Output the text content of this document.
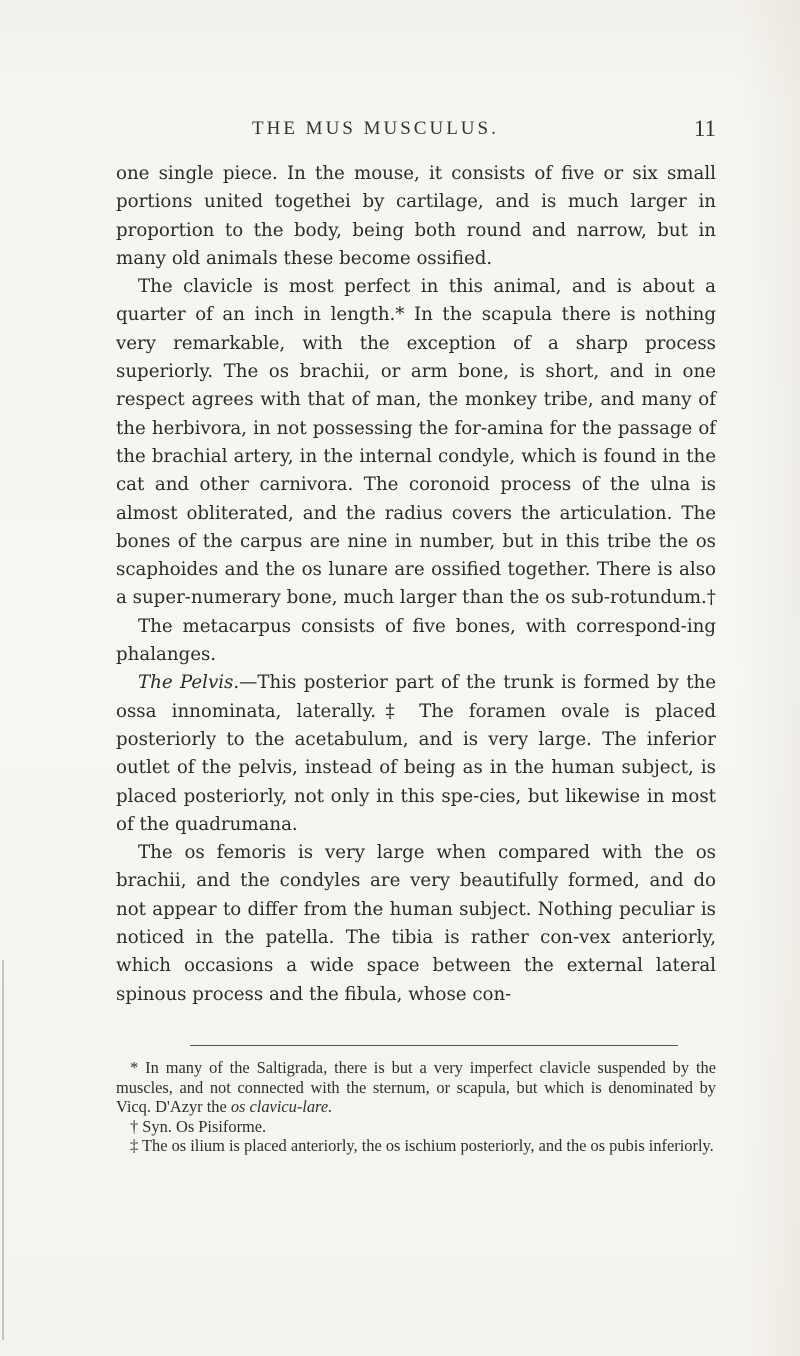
THE MUS MUSCULUS.	11

one single piece. In the mouse, it consists of five or six small portions united togethei by cartilage, and is much larger in proportion to the body, being both round and narrow, but in many old animals these become ossified.

The clavicle is most perfect in this animal, and is about a quarter of an inch in length.* In the scapula there is nothing very remarkable, with the exception of a sharp process superiorly. The os brachii, or arm bone, is short, and in one respect agrees with that of man, the monkey tribe, and many of the herbivora, in not possessing the for-amina for the passage of the brachial artery, in the internal condyle, which is found in the cat and other carnivora. The coronoid process of the ulna is almost obliterated, and the radius covers the articulation. The bones of the carpus are nine in number, but in this tribe the os scaphoides and the os lunare are ossified together. There is also a super-numerary bone, much larger than the os sub-rotundum.†

The metacarpus consists of five bones, with correspond-ing phalanges.

The Pelvis.—This posterior part of the trunk is formed by the ossa innominata, laterally.‡ The foramen ovale is placed posteriorly to the acetabulum, and is very large. The inferior outlet of the pelvis, instead of being as in the human subject, is placed posteriorly, not only in this spe-cies, but likewise in most of the quadrumana.

The os femoris is very large when compared with the os brachii, and the condyles are very beautifully formed, and do not appear to differ from the human subject. Nothing peculiar is noticed in the patella. The tibia is rather con-vex anteriorly, which occasions a wide space between the external lateral spinous process and the fibula, whose con-

* In many of the Saltigrada, there is but a very imperfect clavicle suspended by the muscles, and not connected with the sternum, or scapula, but which is denominated by Vicq. D'Azyr the os clavicu-lare.

† Syn. Os Pisiforme.

‡ The os ilium is placed anteriorly, the os ischium posteriorly, and the os pubis inferiorly.
